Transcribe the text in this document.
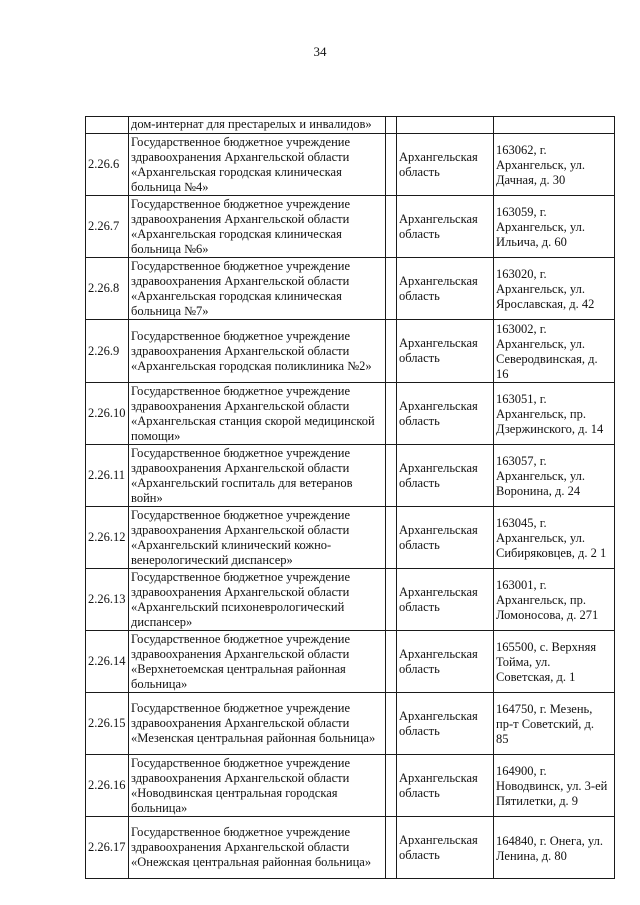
34

	дом-интернат для престарелых и инвалидов»			

2.26.6	Государственное бюджетное учреждение
здравоохранения Архангельской области
«Архангельская городская клиническая
больница №4»		Архангельская
область	163062, г.
Архангельск, ул.
Дачная, д. 30

2.26.7	Государственное бюджетное учреждение
здравоохранения Архангельской области
«Архангельская городская клиническая
больница №6»		Архангельская
область	163059, г.
Архангельск, ул.
Ильича, д. 60

2.26.8	Государственное бюджетное учреждение
здравоохранения Архангельской области
«Архангельская городская клиническая
больница №7»		Архангельская
область	163020, г.
Архангельск, ул.
Ярославская, д. 42

2.26.9	Государственное бюджетное учреждение
здравоохранения Архангельской области
«Архангельская городская поликлиника №2»		Архангельская
область	163002, г.
Архангельск, ул.
Северодвинская, д.
16

2.26.10	Государственное бюджетное учреждение
здравоохранения Архангельской области
«Архангельская станция скорой медицинской
помощи»		Архангельская
область	163051, г.
Архангельск, пр.
Дзержинского, д. 14

2.26.11	Государственное бюджетное учреждение
здравоохранения Архангельской области
«Архангельский госпиталь для ветеранов
войн»		Архангельская
область	163057, г.
Архангельск, ул.
Воронина, д. 24

2.26.12	Государственное бюджетное учреждение
здравоохранения Архангельской области
«Архангельский клинический кожно-
венерологический диспансер»		Архангельская
область	163045, г.
Архангельск, ул.
Сибиряковцев, д. 2 1

2.26.13	Государственное бюджетное учреждение
здравоохранения Архангельской области
«Архангельский психоневрологический
диспансер»		Архангельская
область	163001, г.
Архангельск, пр.
Ломоносова, д. 271

2.26.14	Государственное бюджетное учреждение
здравоохранения Архангельской области
«Верхнетоемская центральная районная
больница»		Архангельская
область	165500, с. Верхняя
Тойма, ул.
Советская, д. 1

2.26.15	Государственное бюджетное учреждение
здравоохранения Архангельской области
«Мезенская центральная районная больница»		Архангельская
область	164750, г. Мезень,
пр-т Советский, д.
85

2.26.16	Государственное бюджетное учреждение
здравоохранения Архангельской области
«Новодвинская центральная городская
больница»		Архангельская
область	164900, г.
Новодвинск, ул. 3-ей
Пятилетки, д. 9

2.26.17	Государственное бюджетное учреждение
здравоохранения Архангельской области
«Онежская центральная районная больница»		Архангельская
область	164840, г. Онега, ул.
Ленина, д. 80
